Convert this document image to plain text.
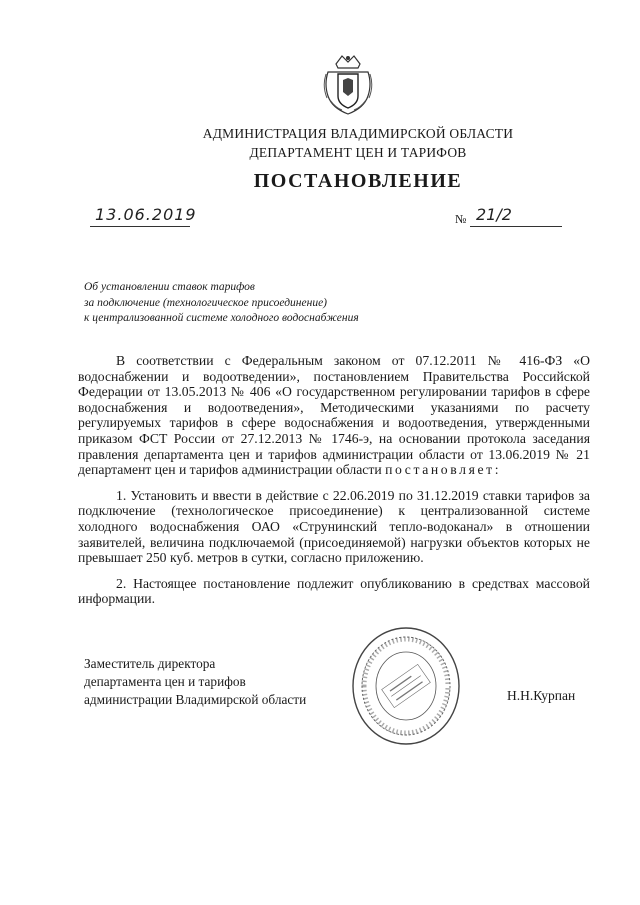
АДМИНИСТРАЦИЯ ВЛАДИМИРСКОЙ ОБЛАСТИ
ДЕПАРТАМЕНТ ЦЕН И ТАРИФОВ
ПОСТАНОВЛЕНИЕ
13.06.2019	№ 21/2
Об установлении ставок тарифов
за подключение (технологическое присоединение)
к централизованной системе холодного водоснабжения

В соответствии с Федеральным законом от 07.12.2011 № 416-ФЗ «О водоснабжении и водоотведении», постановлением Правительства Российской Федерации от 13.05.2013 № 406 «О государственном регулировании тарифов в сфере водоснабжения и водоотведения», Методическими указаниями по расчету регулируемых тарифов в сфере водоснабжения и водоотведения, утвержденными приказом ФСТ России от 27.12.2013 № 1746-э, на основании протокола заседания правления департамента цен и тарифов администрации области от 13.06.2019 № 21 департамент цен и тарифов администрации области постановляет:

1. Установить и ввести в действие с 22.06.2019 по 31.12.2019 ставки тарифов за подключение (технологическое присоединение) к централизованной системе холодного водоснабжения ОАО «Струнинский тепло-водоканал» в отношении заявителей, величина подключаемой (присоединяемой) нагрузки объектов которых не превышает 250 куб. метров в сутки, согласно приложению.

2. Настоящее постановление подлежит опубликованию в средствах массовой информации.

Заместитель директора
департамента цен и тарифов
администрации Владимирской области	Н.Н.Курпан
